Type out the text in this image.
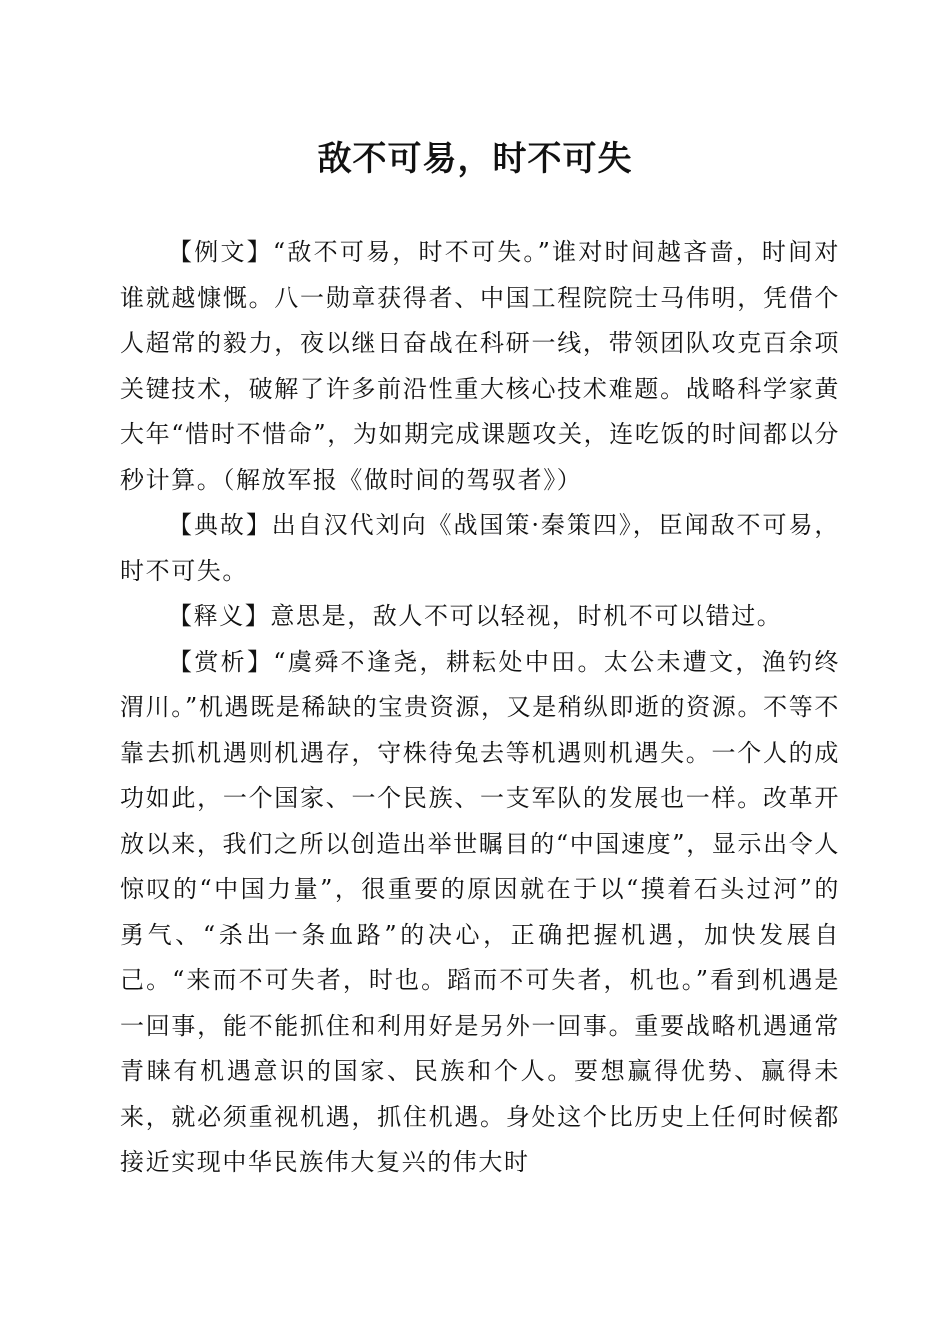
敌不可易，时不可失

【例文】“敌不可易，时不可失。”谁对时间越吝啬，时间对谁就越慷慨。八一勋章获得者、中国工程院院士马伟明，凭借个人超常的毅力，夜以继日奋战在科研一线，带领团队攻克百余项关键技术，破解了许多前沿性重大核心技术难题。战略科学家黄大年“惜时不惜命”，为如期完成课题攻关，连吃饭的时间都以分秒计算。（解放军报《做时间的驾驭者》）

【典故】出自汉代刘向《战国策·秦策四》，臣闻敌不可易，时不可失。

【释义】意思是，敌人不可以轻视，时机不可以错过。

【赏析】“虞舜不逢尧，耕耘处中田。太公未遭文，渔钓终渭川。”机遇既是稀缺的宝贵资源，又是稍纵即逝的资源。不等不靠去抓机遇则机遇存，守株待兔去等机遇则机遇失。一个人的成功如此，一个国家、一个民族、一支军队的发展也一样。改革开放以来，我们之所以创造出举世瞩目的“中国速度”，显示出令人惊叹的“中国力量”，很重要的原因就在于以“摸着石头过河”的勇气、“杀出一条血路”的决心，正确把握机遇，加快发展自己。“来而不可失者，时也。蹈而不可失者，机也。”看到机遇是一回事，能不能抓住和利用好是另外一回事。重要战略机遇通常青睐有机遇意识的国家、民族和个人。要想赢得优势、赢得未来，就必须重视机遇，抓住机遇。身处这个比历史上任何时候都接近实现中华民族伟大复兴的伟大时
